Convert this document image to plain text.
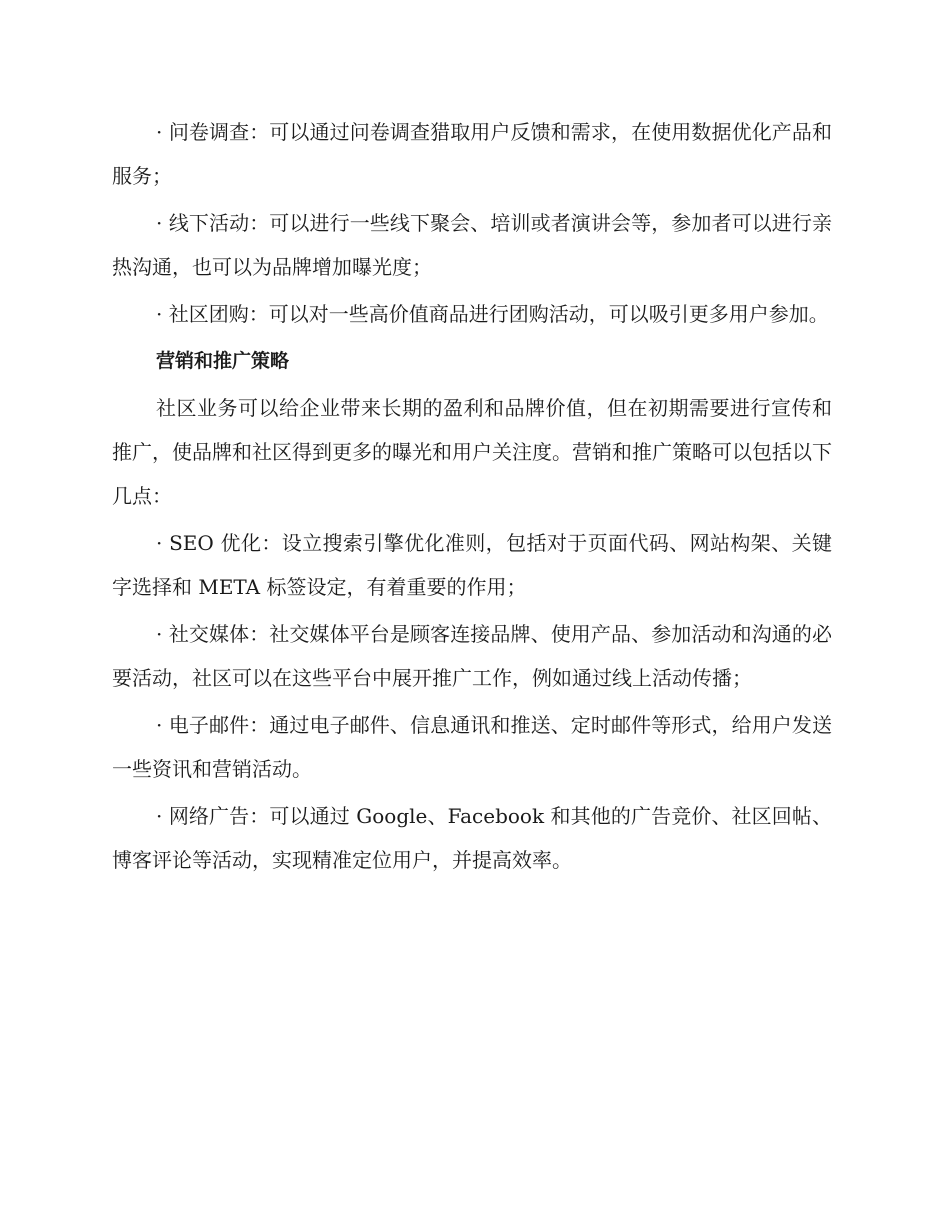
· 问卷调查：可以通过问卷调查猎取用户反馈和需求，在使用数据优化产品和服务；

· 线下活动：可以进行一些线下聚会、培训或者演讲会等，参加者可以进行亲热沟通，也可以为品牌增加曝光度；

· 社区团购：可以对一些高价值商品进行团购活动，可以吸引更多用户参加。

营销和推广策略

社区业务可以给企业带来长期的盈利和品牌价值，但在初期需要进行宣传和推广，使品牌和社区得到更多的曝光和用户关注度。营销和推广策略可以包括以下几点：

· SEO 优化：设立搜索引擎优化准则，包括对于页面代码、网站构架、关键字选择和 META 标签设定，有着重要的作用；

· 社交媒体：社交媒体平台是顾客连接品牌、使用产品、参加活动和沟通的必要活动，社区可以在这些平台中展开推广工作，例如通过线上活动传播；

· 电子邮件：通过电子邮件、信息通讯和推送、定时邮件等形式，给用户发送一些资讯和营销活动。

· 网络广告：可以通过 Google、Facebook 和其他的广告竞价、社区回帖、博客评论等活动，实现精准定位用户，并提高效率。
